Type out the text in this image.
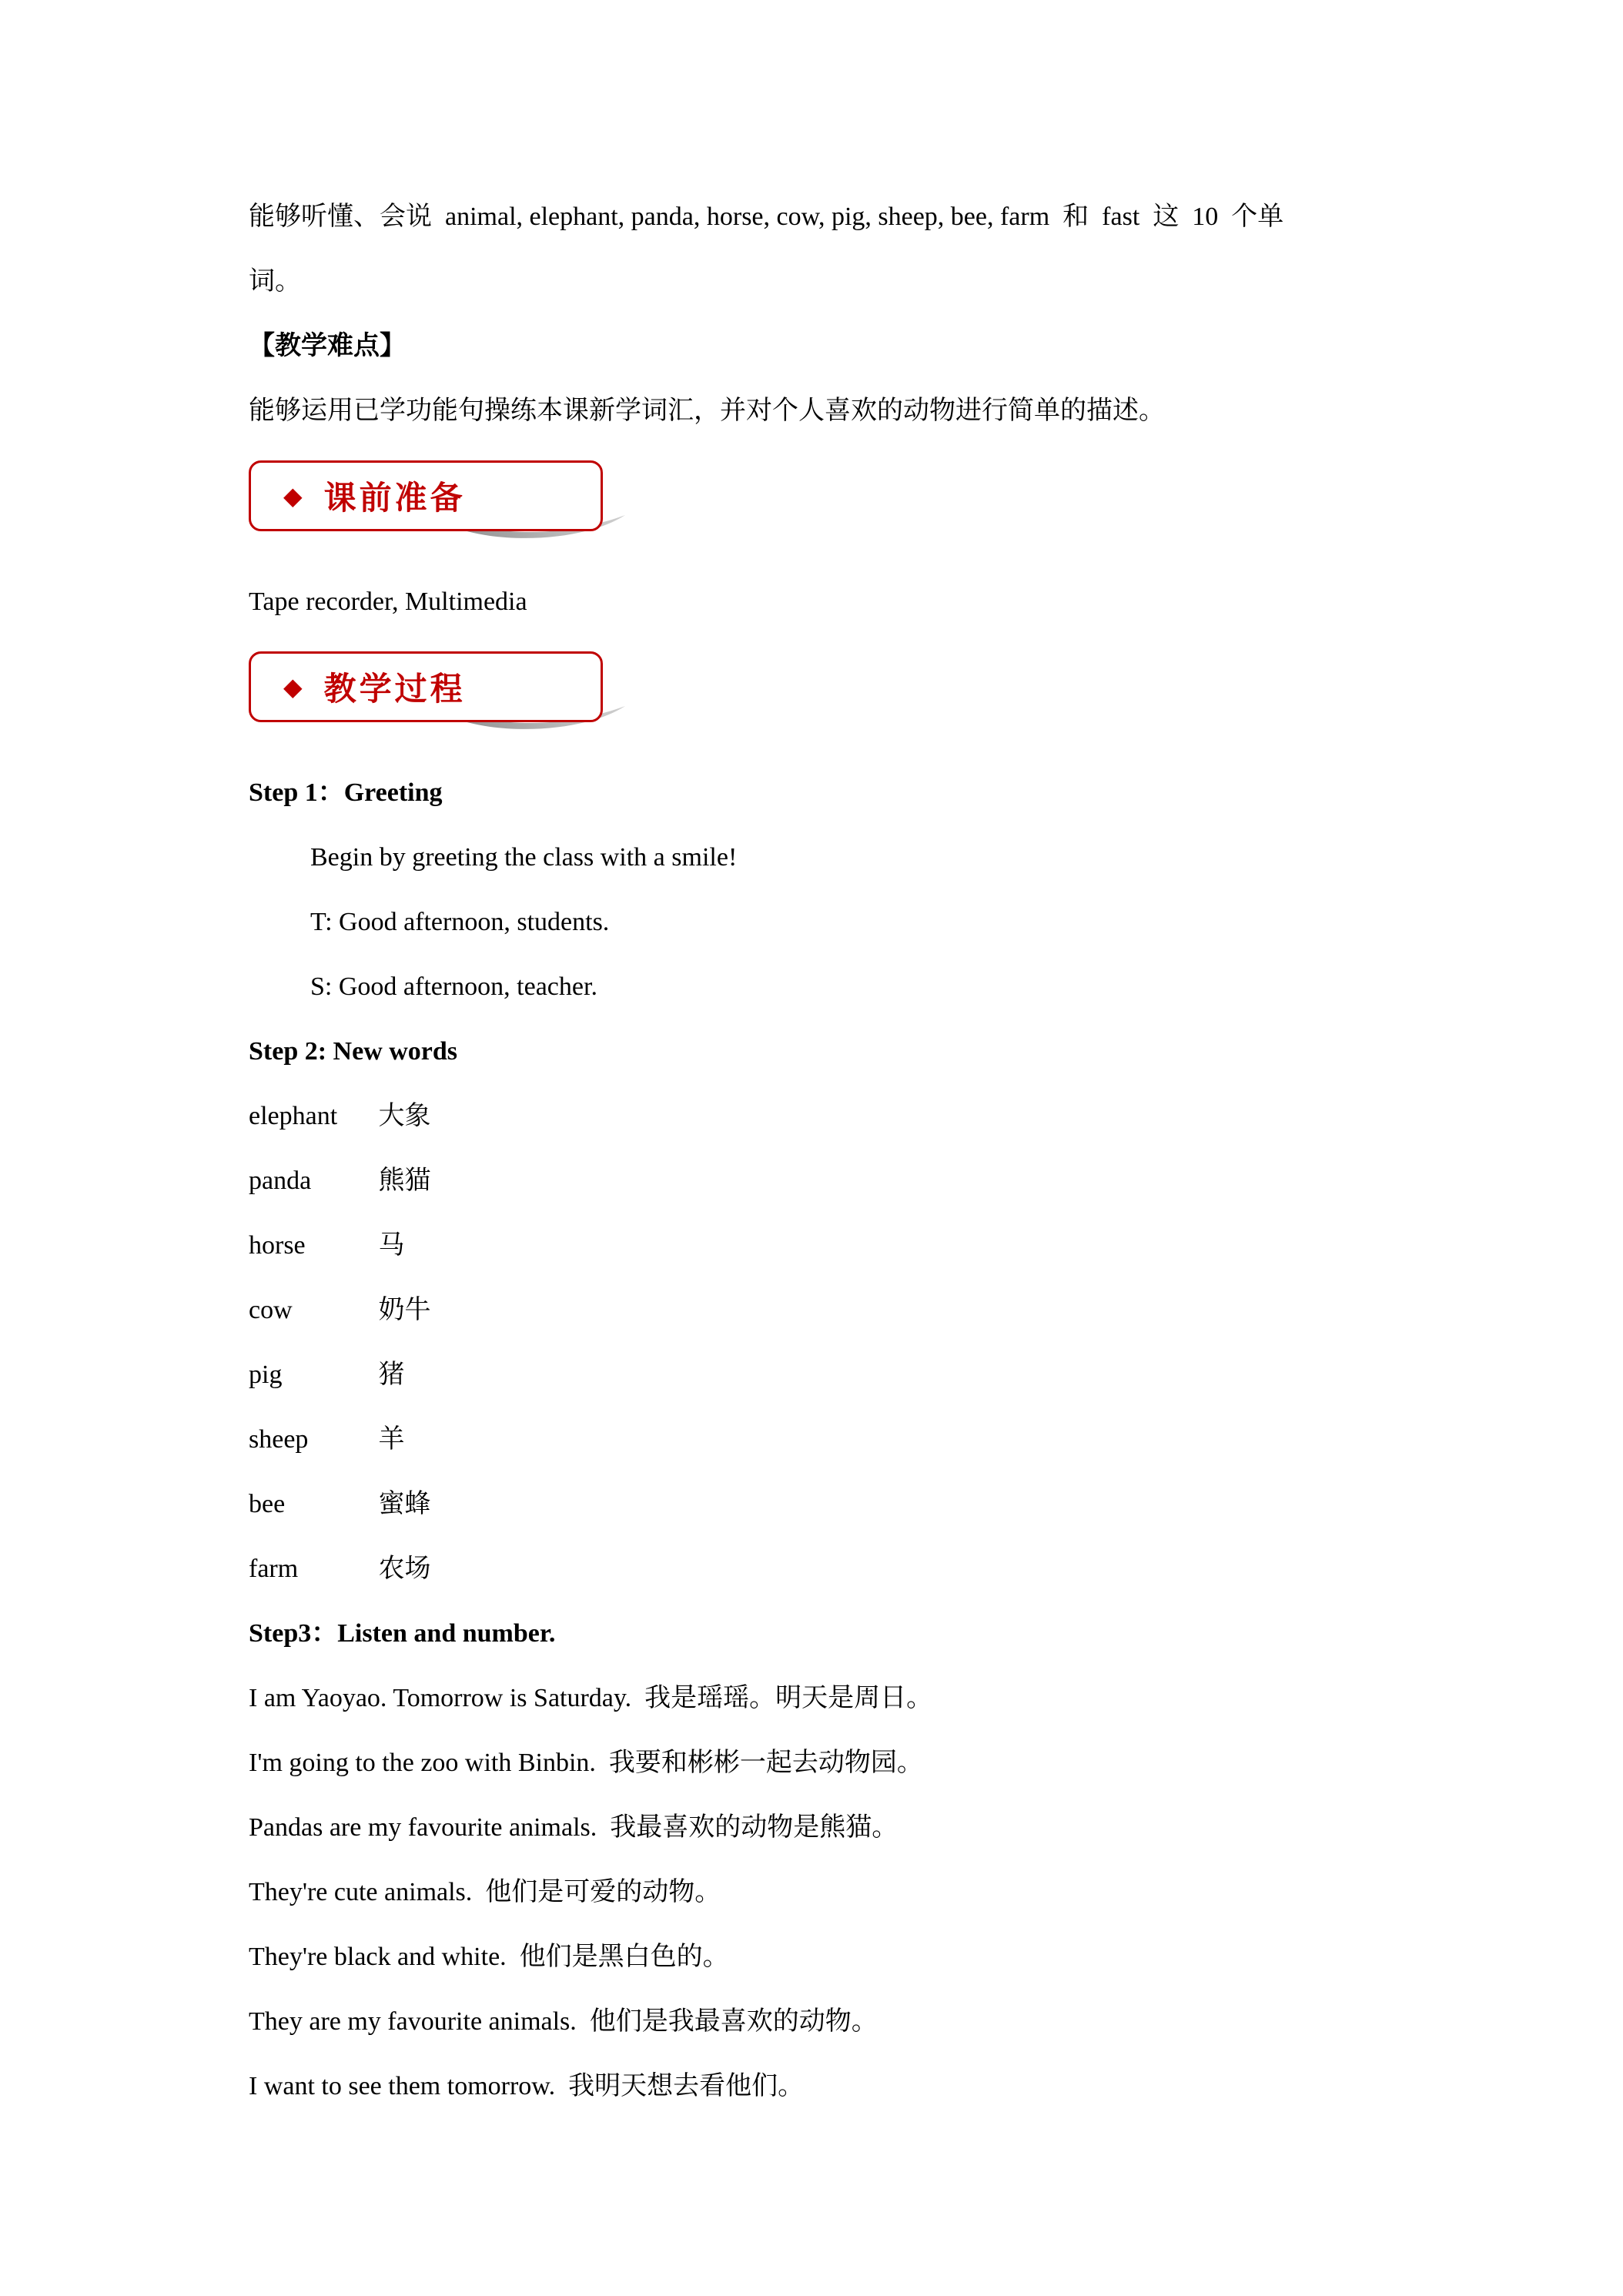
能够听懂、会说  animal, elephant, panda, horse, cow, pig, sheep, bee, farm  和  fast  这  10  个单

词。

【教学难点】

能够运用已学功能句操练本课新学词汇，并对个人喜欢的动物进行简单的描述。

◆ 课前准备

Tape recorder, Multimedia

◆ 教学过程

Step 1：Greeting

Begin by greeting the class with a smile!

T: Good afternoon, students.

S: Good afternoon, teacher.

Step 2: New words

elephant 大象

panda	熊猫

horse	马

cow	奶牛

pig	猪

sheep	羊

bee	蜜蜂

farm	农场

Step3：Listen and number.

I am Yaoyao. Tomorrow is Saturday.  我是瑶瑶。明天是周日。

I'm going to the zoo with Binbin.  我要和彬彬一起去动物园。

Pandas are my favourite animals.  我最喜欢的动物是熊猫。

They're cute animals.  他们是可爱的动物。

They're black and white.  他们是黑白色的。

They are my favourite animals.  他们是我最喜欢的动物。

I want to see them tomorrow.  我明天想去看他们。
